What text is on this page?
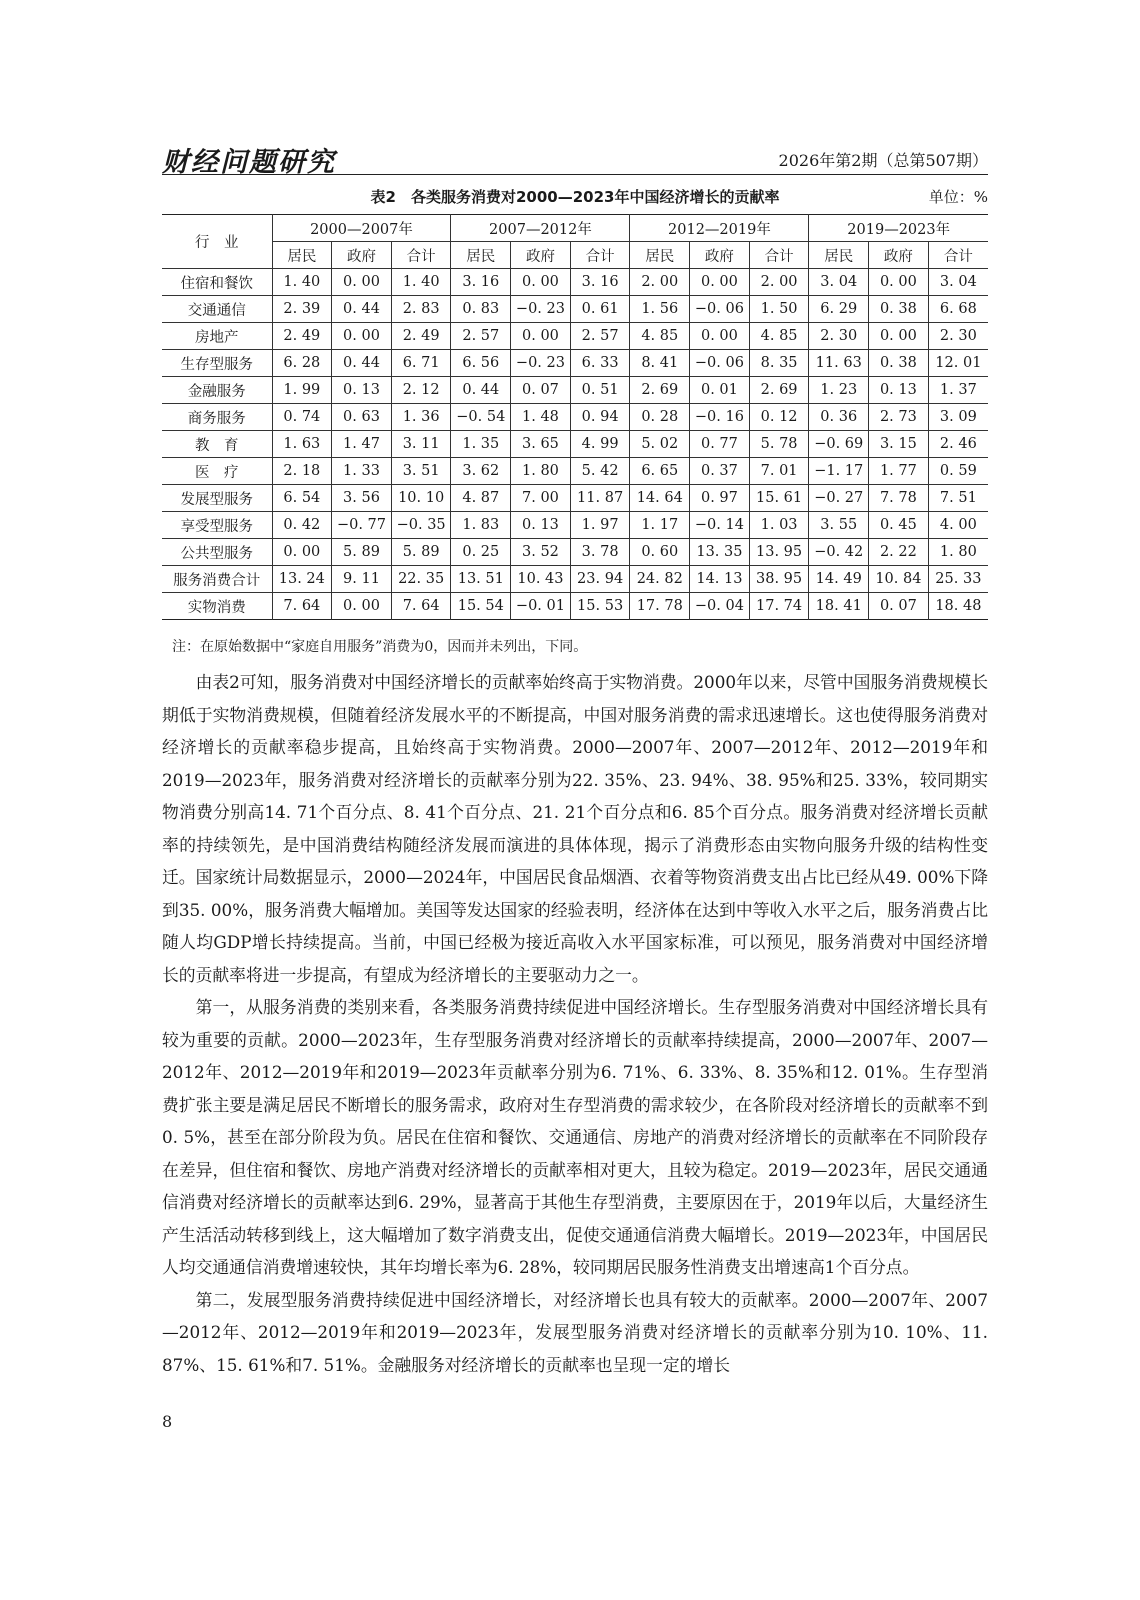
财经问题研究	2026年第2期（总第507期）
表2　各类服务消费对2000—2023年中国经济增长的贡献率	单位：%
行　业	2000—2007年			2007—2012年			2012—2019年			2019—2023年		
	居民	政府	合计	居民	政府	合计	居民	政府	合计	居民	政府	合计
住宿和餐饮	1. 40	0. 00	1. 40	3. 16	0. 00	3. 16	2. 00	0. 00	2. 00	3. 04	0. 00	3. 04
交通通信	2. 39	0. 44	2. 83	0. 83	−0. 23	0. 61	1. 56	−0. 06	1. 50	6. 29	0. 38	6. 68
房地产	2. 49	0. 00	2. 49	2. 57	0. 00	2. 57	4. 85	0. 00	4. 85	2. 30	0. 00	2. 30
生存型服务	6. 28	0. 44	6. 71	6. 56	−0. 23	6. 33	8. 41	−0. 06	8. 35	11. 63	0. 38	12. 01
金融服务	1. 99	0. 13	2. 12	0. 44	0. 07	0. 51	2. 69	0. 01	2. 69	1. 23	0. 13	1. 37
商务服务	0. 74	0. 63	1. 36	−0. 54	1. 48	0. 94	0. 28	−0. 16	0. 12	0. 36	2. 73	3. 09
教　育	1. 63	1. 47	3. 11	1. 35	3. 65	4. 99	5. 02	0. 77	5. 78	−0. 69	3. 15	2. 46
医　疗	2. 18	1. 33	3. 51	3. 62	1. 80	5. 42	6. 65	0. 37	7. 01	−1. 17	1. 77	0. 59
发展型服务	6. 54	3. 56	10. 10	4. 87	7. 00	11. 87	14. 64	0. 97	15. 61	−0. 27	7. 78	7. 51
享受型服务	0. 42	−0. 77	−0. 35	1. 83	0. 13	1. 97	1. 17	−0. 14	1. 03	3. 55	0. 45	4. 00
公共型服务	0. 00	5. 89	5. 89	0. 25	3. 52	3. 78	0. 60	13. 35	13. 95	−0. 42	2. 22	1. 80
服务消费合计	13. 24	9. 11	22. 35	13. 51	10. 43	23. 94	24. 82	14. 13	38. 95	14. 49	10. 84	25. 33
实物消费	7. 64	0. 00	7. 64	15. 54	−0. 01	15. 53	17. 78	−0. 04	17. 74	18. 41	0. 07	18. 48
注：在原始数据中“家庭自用服务”消费为0，因而并未列出，下同。

由表2可知，服务消费对中国经济增长的贡献率始终高于实物消费。2000年以来，尽管中国服务消费规模长期低于实物消费规模，但随着经济发展水平的不断提高，中国对服务消费的需求迅速增长。这也使得服务消费对经济增长的贡献率稳步提高，且始终高于实物消费。2000—2007年、2007—2012年、2012—2019年和2019—2023年，服务消费对经济增长的贡献率分别为22. 35%、23. 94%、38. 95%和25. 33%，较同期实物消费分别高14. 71个百分点、8. 41个百分点、21. 21个百分点和6. 85个百分点。服务消费对经济增长贡献率的持续领先，是中国消费结构随经济发展而演进的具体体现，揭示了消费形态由实物向服务升级的结构性变迁。国家统计局数据显示，2000—2024年，中国居民食品烟酒、衣着等物资消费支出占比已经从49. 00%下降到35. 00%，服务消费大幅增加。美国等发达国家的经验表明，经济体在达到中等收入水平之后，服务消费占比随人均GDP增长持续提高。当前，中国已经极为接近高收入水平国家标准，可以预见，服务消费对中国经济增长的贡献率将进一步提高，有望成为经济增长的主要驱动力之一。

第一，从服务消费的类别来看，各类服务消费持续促进中国经济增长。生存型服务消费对中国经济增长具有较为重要的贡献。2000—2023年，生存型服务消费对经济增长的贡献率持续提高，2000—2007年、2007—2012年、2012—2019年和2019—2023年贡献率分别为6. 71%、6. 33%、8. 35%和12. 01%。生存型消费扩张主要是满足居民不断增长的服务需求，政府对生存型消费的需求较少，在各阶段对经济增长的贡献率不到0. 5%，甚至在部分阶段为负。居民在住宿和餐饮、交通通信、房地产的消费对经济增长的贡献率在不同阶段存在差异，但住宿和餐饮、房地产消费对经济增长的贡献率相对更大，且较为稳定。2019—2023年，居民交通通信消费对经济增长的贡献率达到6. 29%，显著高于其他生存型消费，主要原因在于，2019年以后，大量经济生产生活活动转移到线上，这大幅增加了数字消费支出，促使交通通信消费大幅增长。2019—2023年，中国居民人均交通通信消费增速较快，其年均增长率为6. 28%，较同期居民服务性消费支出增速高1个百分点。

第二，发展型服务消费持续促进中国经济增长，对经济增长也具有较大的贡献率。2000—2007年、2007—2012年、2012—2019年和2019—2023年，发展型服务消费对经济增长的贡献率分别为10. 10%、11. 87%、15. 61%和7. 51%。金融服务对经济增长的贡献率也呈现一定的增长

8
